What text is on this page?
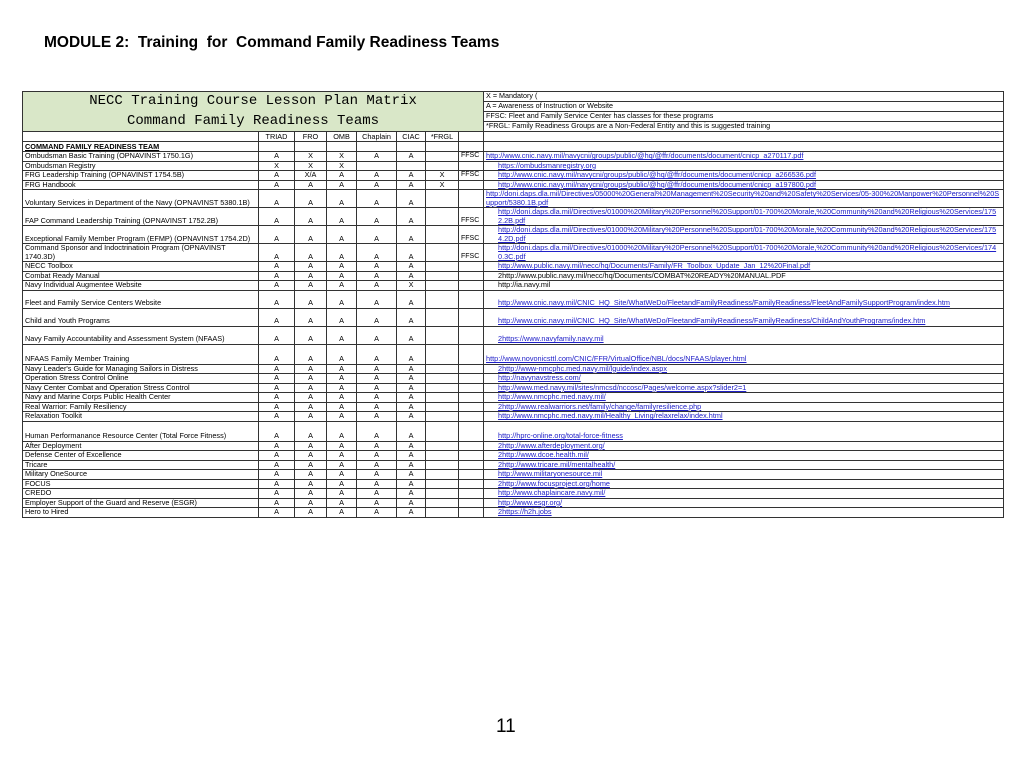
MODULE 2:  Training  for  Command Family Readiness Teams
NECC Training Course Lesson Plan Matrix								X = Mandatory (
								A = Awareness of Instruction or Website
Command Family Readiness Teams								FFSC: Fleet and Family Service Center has classes for these programs
								*FRGL: Family Readiness Groups are a Non-Federal Entity and this is suggested training
	TRIAD	FRO	OMB	Chaplain	CIAC	*FRGL		
COMMAND FAMILY READINESS TEAM								
Ombudsman Basic Training (OPNAVINST 1750.1G)	A	X	X	A	A		FFSC	http://www.cnic.navy.mil/navycni/groups/public/@hq/@ffr/documents/document/cnicp_a270117.pdf
Ombudsman Registry	X	X	X					https://ombudsmanregistry.org
FRG Leadership Training (OPNAVINST 1754.5B)	A	X/A	A	A	A	X	FFSC	http://www.cnic.navy.mil/navycni/groups/public/@hq/@ffr/documents/document/cnicp_a266536.pdf
FRG Handbook	A	A	A	A	A	X		http://www.cnic.navy.mil/navycni/groups/public/@hq/@ffr/documents/document/cnicp_a197800.pdf
Voluntary Services in Department of the Navy (OPNAVINST 5380.1B)	A	A	A	A	A			http://doni.daps.dla.mil/Directives/05000%20General%20Management%20Security%20and%20Safety%20Services/05-300%20Manpower%20Personnel%20Support/5380.1B.pdf
FAP Command Leadership Training (OPNAVINST 1752.2B)	A	A	A	A	A		FFSC	http://doni.daps.dla.mil/Directives/01000%20Military%20Personnel%20Support/01-700%20Morale,%20Community%20and%20Religious%20Services/1752.2B.pdf
Exceptional Family Member Program (EFMP) (OPNAVINST 1754.2D)	A	A	A	A	A		FFSC	http://doni.daps.dla.mil/Directives/01000%20Military%20Personnel%20Support/01-700%20Morale,%20Community%20and%20Religious%20Services/1754.2D.pdf
Command Sponsor and Indoctrinatioin Program (OPNAVINST 1740.3D)	A	A	A	A	A		FFSC	http://doni.daps.dla.mil/Directives/01000%20Military%20Personnel%20Support/01-700%20Morale,%20Community%20and%20Religious%20Services/1740.3C.pdf
NECC Toolbox	A	A	A	A	A			http://www.public.navy.mil/necc/hq/Documents/Family/FR_Toolbox_Update_Jan_12%20Final.pdf
Combat Ready Manual	A	A	A	A	A			2http://www.public.navy.mil/necc/hq/Documents/COMBAT%20READY%20MANUAL.PDF
Navy Individual Augmentee Website	A	A	A	A	X			http://ia.navy.mil
Fleet and Family Service Centers Website	A	A	A	A	A			http://www.cnic.navy.mil/CNIC_HQ_Site/WhatWeDo/FleetandFamilyReadiness/FamilyReadiness/FleetAndFamilySupportProgram/index.htm
Child and Youth Programs	A	A	A	A	A			http://www.cnic.navy.mil/CNIC_HQ_Site/WhatWeDo/FleetandFamilyReadiness/FamilyReadiness/ChildAndYouthPrograms/index.htm
Navy Family Accountability and Assessment System (NFAAS)	A	A	A	A	A			2https://www.navyfamily.navy.mil
NFAAS Family Member Training	A	A	A	A	A			http://www.novonicsttl.com/CNIC/FFR/VirtualOffice/NBL/docs/NFAAS/player.html
Navy Leader's Guide for Managing Sailors in Distress	A	A	A	A	A			2http://www-nmcphc.med.navy.mil/lguide/index.aspx
Operation Stress Control Online	A	A	A	A	A			http://navynavstress.com/
Navy Center Combat and Operation Stress Control	A	A	A	A	A			http://www.med.navy.mil/sites/nmcsd/nccosc/Pages/welcome.aspx?slider2=1
Navy and Marine Corps Public Health Center	A	A	A	A	A			http://www.nmcphc.med.navy.mil/
Real Warrior: Family Resiliency	A	A	A	A	A			2http://www.realwarriors.net/family/change/familyresilience.php
Relaxation Toolkit	A	A	A	A	A			http://www.nmcphc.med.navy.mil/Healthy_Living/relaxrelax/index.html
Human Performanance Resource Center (Total Force Fitness)	A	A	A	A	A			http://hprc-online.org/total-force-fitness
After Deployment	A	A	A	A	A			2http://www.afterdeployment.org/
Defense Center of Excellence	A	A	A	A	A			2http://www.dcoe.health.mil/
Tricare	A	A	A	A	A			2http://www.tricare.mil/mentalhealth/
Military OneSource	A	A	A	A	A			http://www.militaryonesource.mil
FOCUS	A	A	A	A	A			2http://www.focusproject.org/home
CREDO	A	A	A	A	A			http://www.chaplaincare.navy.mil/
Employer Support of the Guard and Reserve (ESGR)	A	A	A	A	A			http://www.esgr.org/
Hero to Hired	A	A	A	A	A			2https://h2h.jobs
11
